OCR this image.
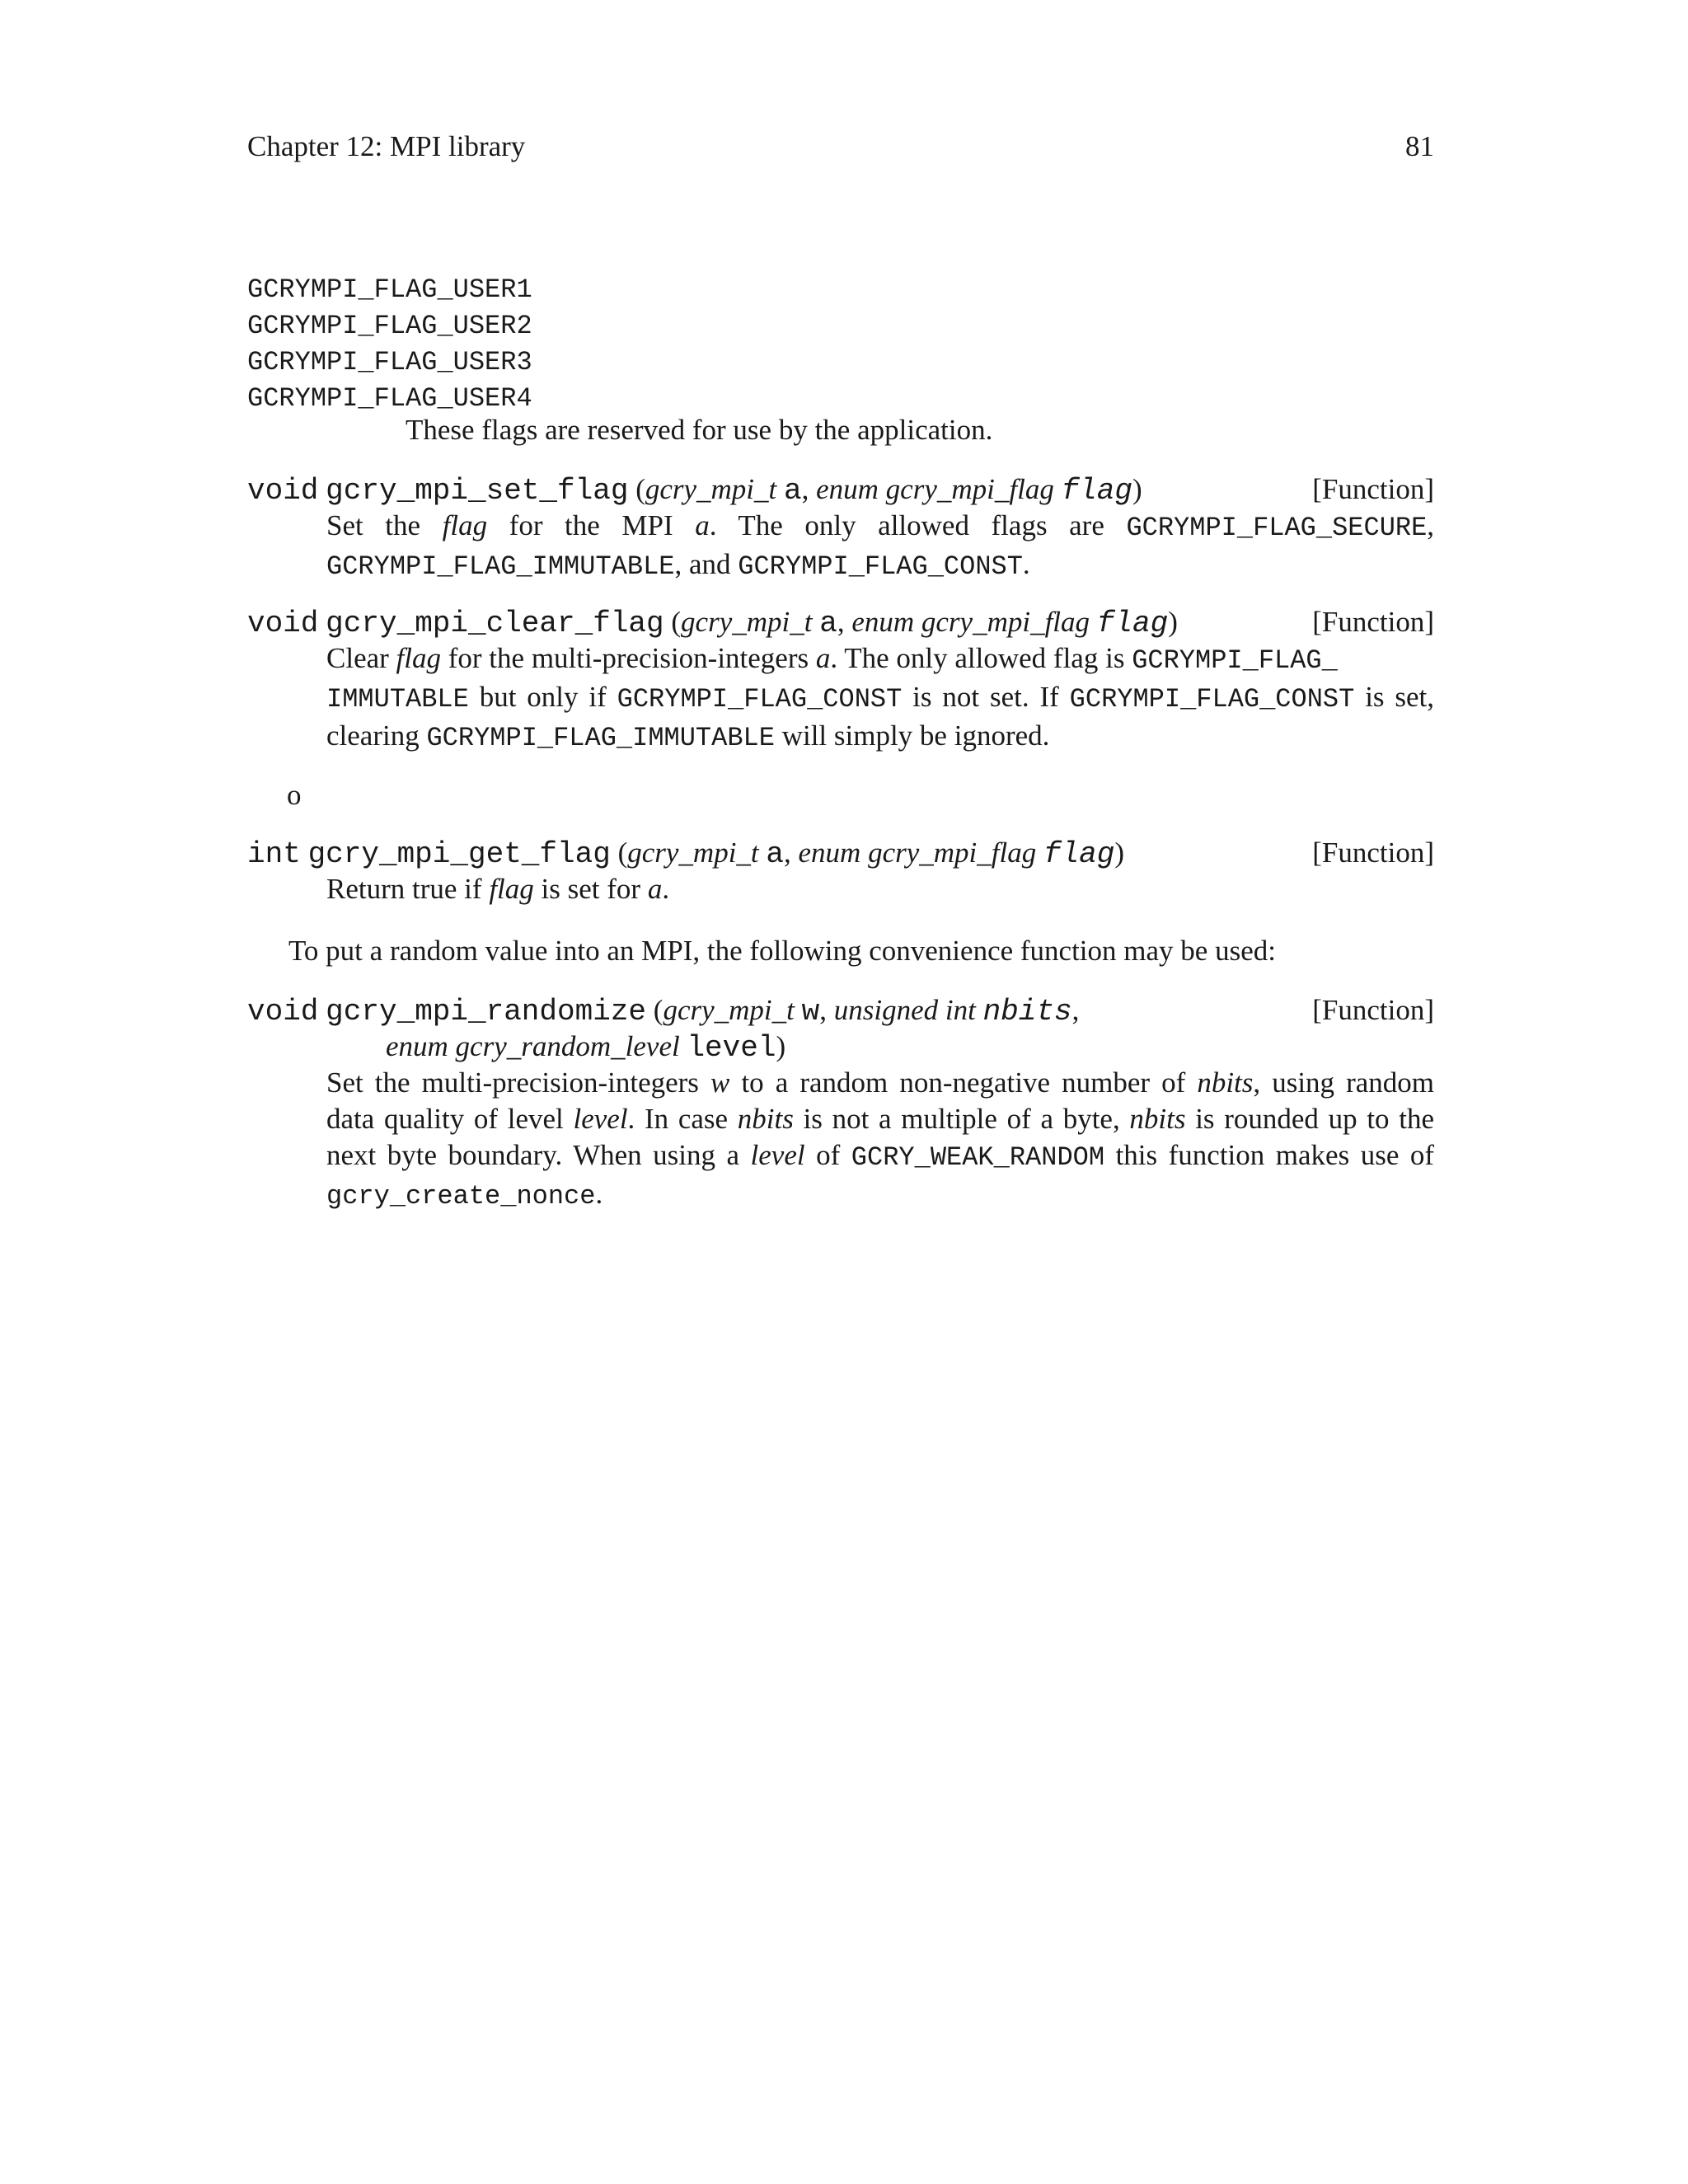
Chapter 12: MPI library	81
GCRYMPI_FLAG_USER1
GCRYMPI_FLAG_USER2
GCRYMPI_FLAG_USER3
GCRYMPI_FLAG_USER4
These flags are reserved for use by the application.
void gcry_mpi_set_flag (gcry_mpi_t a, enum gcry_mpi_flag flag)	[Function]
Set the flag for the MPI a. The only allowed flags are GCRYMPI_FLAG_SECURE, GCRYMPI_FLAG_IMMUTABLE, and GCRYMPI_FLAG_CONST.
void gcry_mpi_clear_flag (gcry_mpi_t a, enum gcry_mpi_flag flag)	[Function]
Clear flag for the multi-precision-integers a. The only allowed flag is GCRYMPI_FLAG_
IMMUTABLE but only if GCRYMPI_FLAG_CONST is not set. If GCRYMPI_FLAG_CONST is set, clearing GCRYMPI_FLAG_IMMUTABLE will simply be ignored.
o
int gcry_mpi_get_flag (gcry_mpi_t a, enum gcry_mpi_flag flag)	[Function]
Return true if flag is set for a.
To put a random value into an MPI, the following convenience function may be used:
void gcry_mpi_randomize (gcry_mpi_t w, unsigned int nbits,	[Function]
enum gcry_random_level level)
Set the multi-precision-integers w to a random non-negative number of nbits, using random data quality of level level. In case nbits is not a multiple of a byte, nbits is rounded up to the next byte boundary. When using a level of GCRY_WEAK_RANDOM this function makes use of gcry_create_nonce.
